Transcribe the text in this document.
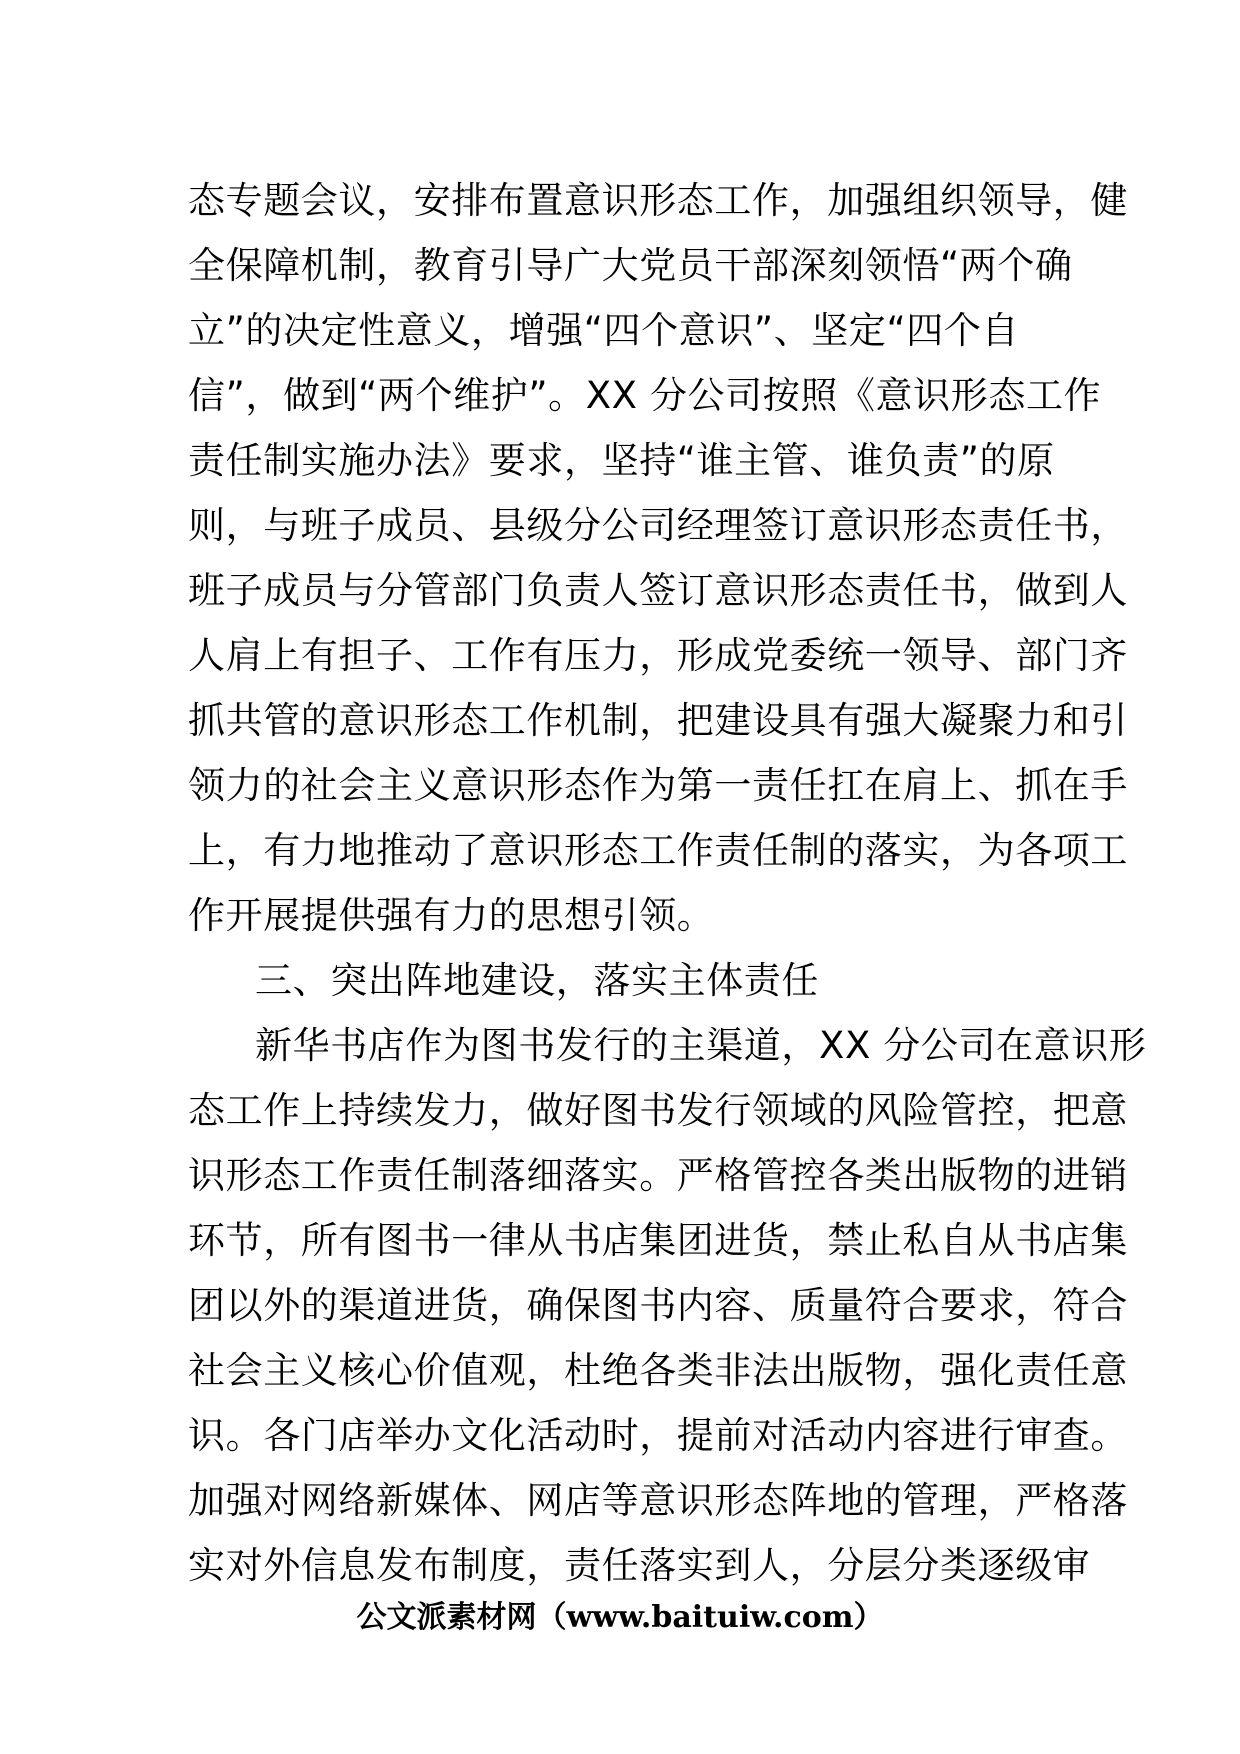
态专题会议，安排布置意识形态工作，加强组织领导，健
全保障机制，教育引导广大党员干部深刻领悟“两个确
立”的决定性意义，增强“四个意识”、坚定“四个自
信”，做到“两个维护”。XX 分公司按照《意识形态工作
责任制实施办法》要求，坚持“谁主管、谁负责”的原
则，与班子成员、县级分公司经理签订意识形态责任书，
班子成员与分管部门负责人签订意识形态责任书，做到人
人肩上有担子、工作有压力，形成党委统一领导、部门齐
抓共管的意识形态工作机制，把建设具有强大凝聚力和引
领力的社会主义意识形态作为第一责任扛在肩上、抓在手
上，有力地推动了意识形态工作责任制的落实，为各项工
作开展提供强有力的思想引领。
三、突出阵地建设，落实主体责任
新华书店作为图书发行的主渠道，XX 分公司在意识形
态工作上持续发力，做好图书发行领域的风险管控，把意
识形态工作责任制落细落实。严格管控各类出版物的进销
环节，所有图书一律从书店集团进货，禁止私自从书店集
团以外的渠道进货，确保图书内容、质量符合要求，符合
社会主义核心价值观，杜绝各类非法出版物，强化责任意
识。各门店举办文化活动时，提前对活动内容进行审查。
加强对网络新媒体、网店等意识形态阵地的管理，严格落
实对外信息发布制度，责任落实到人，分层分类逐级审
公文派素材网（www.baituiw.com）
